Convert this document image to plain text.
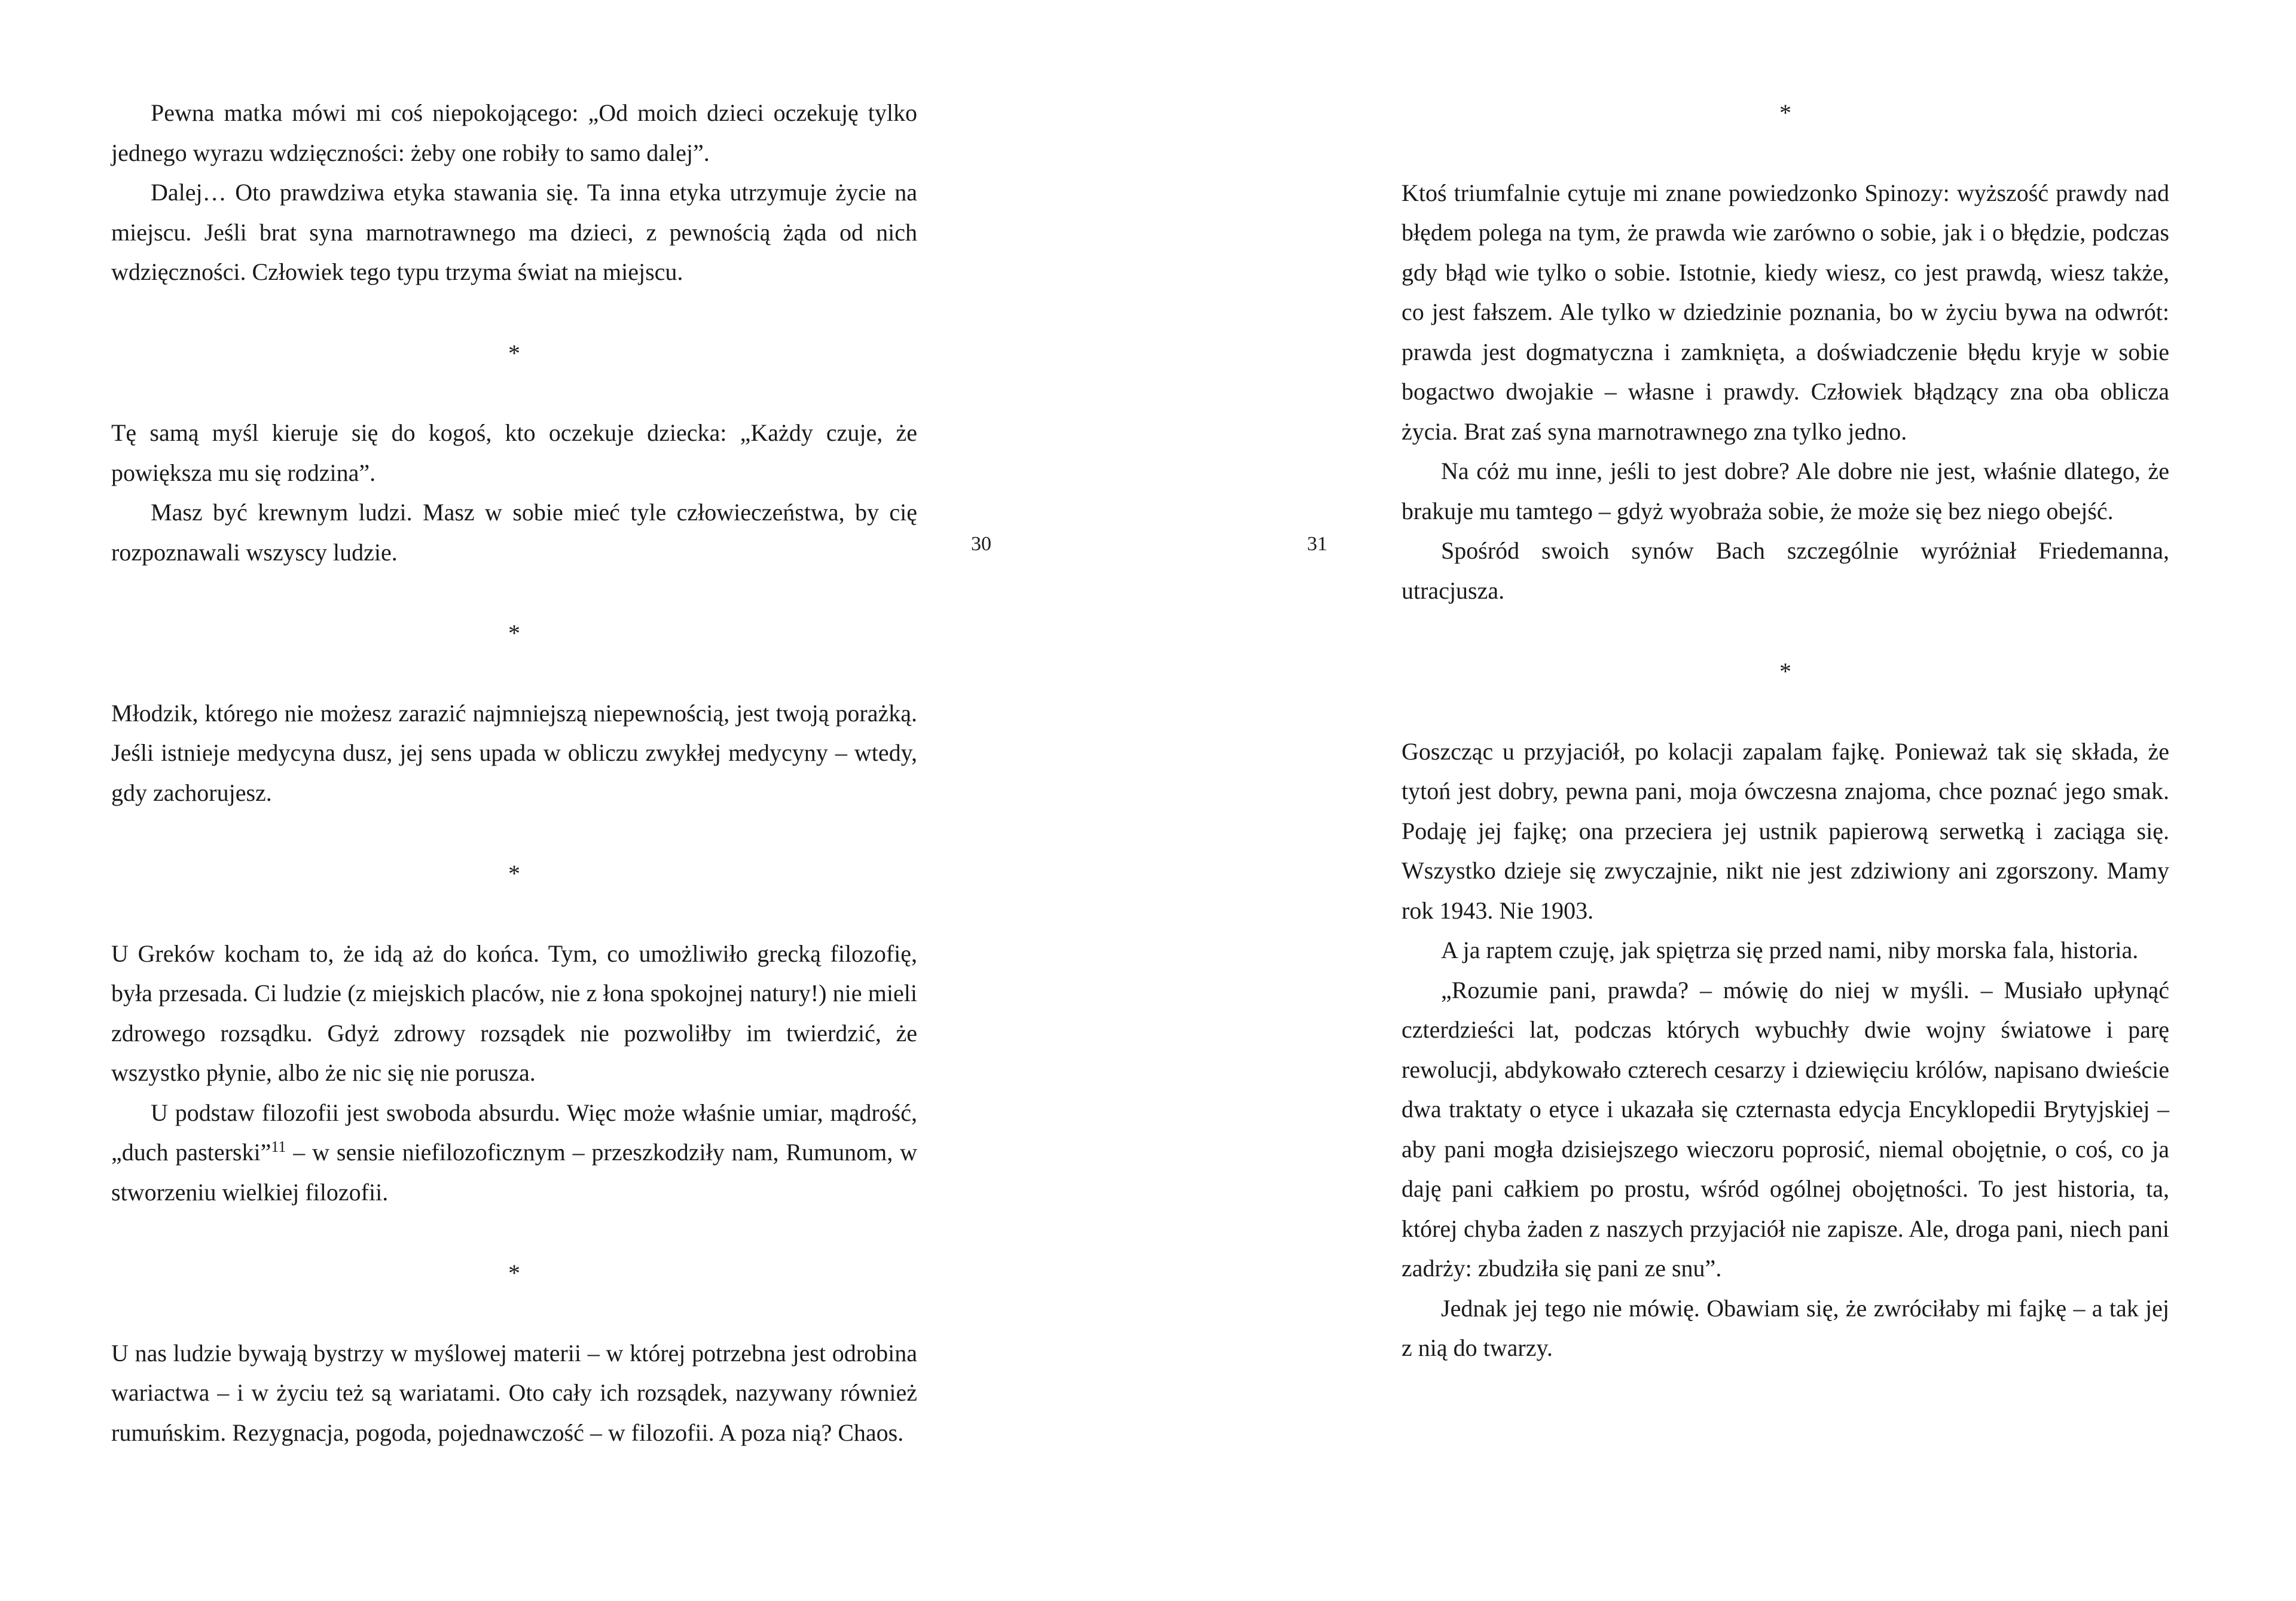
Pewna matka mówi mi coś niepokojącego: „Od moich dzieci oczekuję tylko jednego wyrazu wdzięczności: żeby one robiły to samo dalej”.

Dalej… Oto prawdziwa etyka stawania się. Ta inna etyka utrzymuje życie na miejscu. Jeśli brat syna marnotrawnego ma dzieci, z pewnością żąda od nich wdzięczności. Człowiek tego typu trzyma świat na miejscu.

*

Tę samą myśl kieruje się do kogoś, kto oczekuje dziecka: „Każdy czuje, że powiększa mu się rodzina”.

Masz być krewnym ludzi. Masz w sobie mieć tyle człowieczeństwa, by cię rozpoznawali wszyscy ludzie.

*

Młodzik, którego nie możesz zarazić najmniejszą niepewnością, jest twoją porażką. Jeśli istnieje medycyna dusz, jej sens upada w obliczu zwykłej medycyny – wtedy, gdy zachorujesz.

*

U Greków kocham to, że idą aż do końca. Tym, co umożliwiło grecką filozofię, była przesada. Ci ludzie (z miejskich placów, nie z łona spokojnej natury!) nie mieli zdrowego rozsądku. Gdyż zdrowy rozsądek nie pozwoliłby im twierdzić, że wszystko płynie, albo że nic się nie porusza.

U podstaw filozofii jest swoboda absurdu. Więc może właśnie umiar, mądrość, „duch pasterski”$^{11}$ – w sensie niefilozoficznym – przeszkodziły nam, Rumunom, w stworzeniu wielkiej filozofii.

*

U nas ludzie bywają bystrzy w myślowej materii – w której potrzebna jest odrobina wariactwa – i w życiu też są wariatami. Oto cały ich rozsądek, nazywany również rumuńskim. Rezygnacja, pogoda, pojednawczość – w filozofii. A poza nią? Chaos.

30	31
*

Ktoś triumfalnie cytuje mi znane powiedzonko Spinozy: wyższość prawdy nad błędem polega na tym, że prawda wie zarówno o sobie, jak i o błędzie, podczas gdy błąd wie tylko o sobie. Istotnie, kiedy wiesz, co jest prawdą, wiesz także, co jest fałszem. Ale tylko w dziedzinie poznania, bo w życiu bywa na odwrót: prawda jest dogmatyczna i zamknięta, a doświadczenie błędu kryje w sobie bogactwo dwojakie – własne i prawdy. Człowiek błądzący zna oba oblicza życia. Brat zaś syna marnotrawnego zna tylko jedno.

Na cóż mu inne, jeśli to jest dobre? Ale dobre nie jest, właśnie dlatego, że brakuje mu tamtego – gdyż wyobraża sobie, że może się bez niego obejść.

Spośród swoich synów Bach szczególnie wyróżniał Friedemanna, utracjusza.

*

Goszcząc u przyjaciół, po kolacji zapalam fajkę. Ponieważ tak się składa, że tytoń jest dobry, pewna pani, moja ówczesna znajoma, chce poznać jego smak. Podaję jej fajkę; ona przeciera jej ustnik papierową serwetką i zaciąga się. Wszystko dzieje się zwyczajnie, nikt nie jest zdziwiony ani zgorszony. Mamy rok 1943. Nie 1903.

A ja raptem czuję, jak spiętrza się przed nami, niby morska fala, historia.

„Rozumie pani, prawda? – mówię do niej w myśli. – Musiało upłynąć czterdzieści lat, podczas których wybuchły dwie wojny światowe i parę rewolucji, abdykowało czterech cesarzy i dziewięciu królów, napisano dwieście dwa traktaty o etyce i ukazała się czternasta edycja Encyklopedii Brytyjskiej – aby pani mogła dzisiejszego wieczoru poprosić, niemal obojętnie, o coś, co ja daję pani całkiem po prostu, wśród ogólnej obojętności. To jest historia, ta, której chyba żaden z naszych przyjaciół nie zapisze. Ale, droga pani, niech pani zadrży: zbudziła się pani ze snu”.

Jednak jej tego nie mówię. Obawiam się, że zwróciłaby mi fajkę – a tak jej z nią do twarzy.
